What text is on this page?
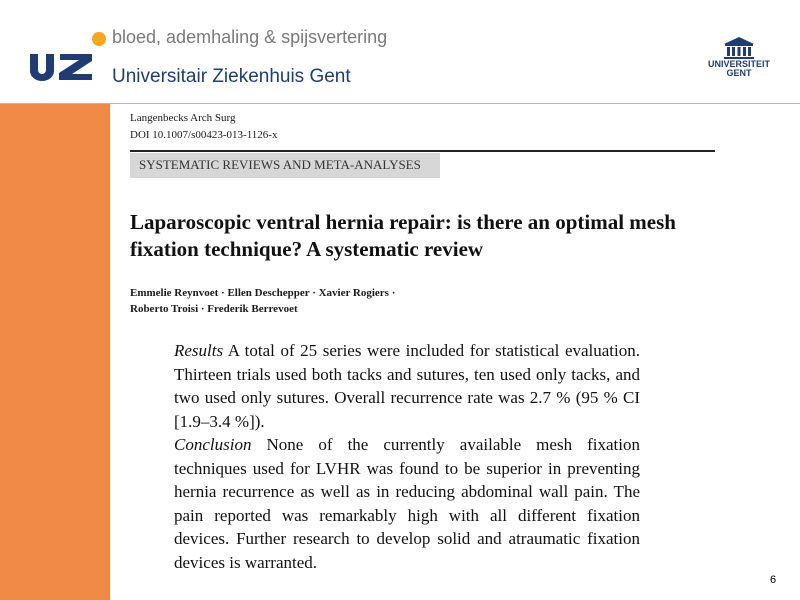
bloed, ademhaling & spijsvertering
Universitair Ziekenhuis Gent
UNIVERSITEIT
GENT
Langenbecks Arch Surg
DOI 10.1007/s00423-013-1126-x
SYSTEMATIC REVIEWS AND META-ANALYSES
Laparoscopic ventral hernia repair: is there an optimal mesh fixation technique? A systematic review
Emmelie Reynvoet · Ellen Deschepper · Xavier Rogiers ·
Roberto Troisi · Frederik Berrevoet

Results A total of 25 series were included for statistical evaluation. Thirteen trials used both tacks and sutures, ten used only tacks, and two used only sutures. Overall recurrence rate was 2.7 % (95 % CI [1.9–3.4 %]).

Conclusion None of the currently available mesh fixation techniques used for LVHR was found to be superior in preventing hernia recurrence as well as in reducing abdominal wall pain. The pain reported was remarkably high with all different fixation devices. Further research to develop solid and atraumatic fixation devices is warranted.

6
